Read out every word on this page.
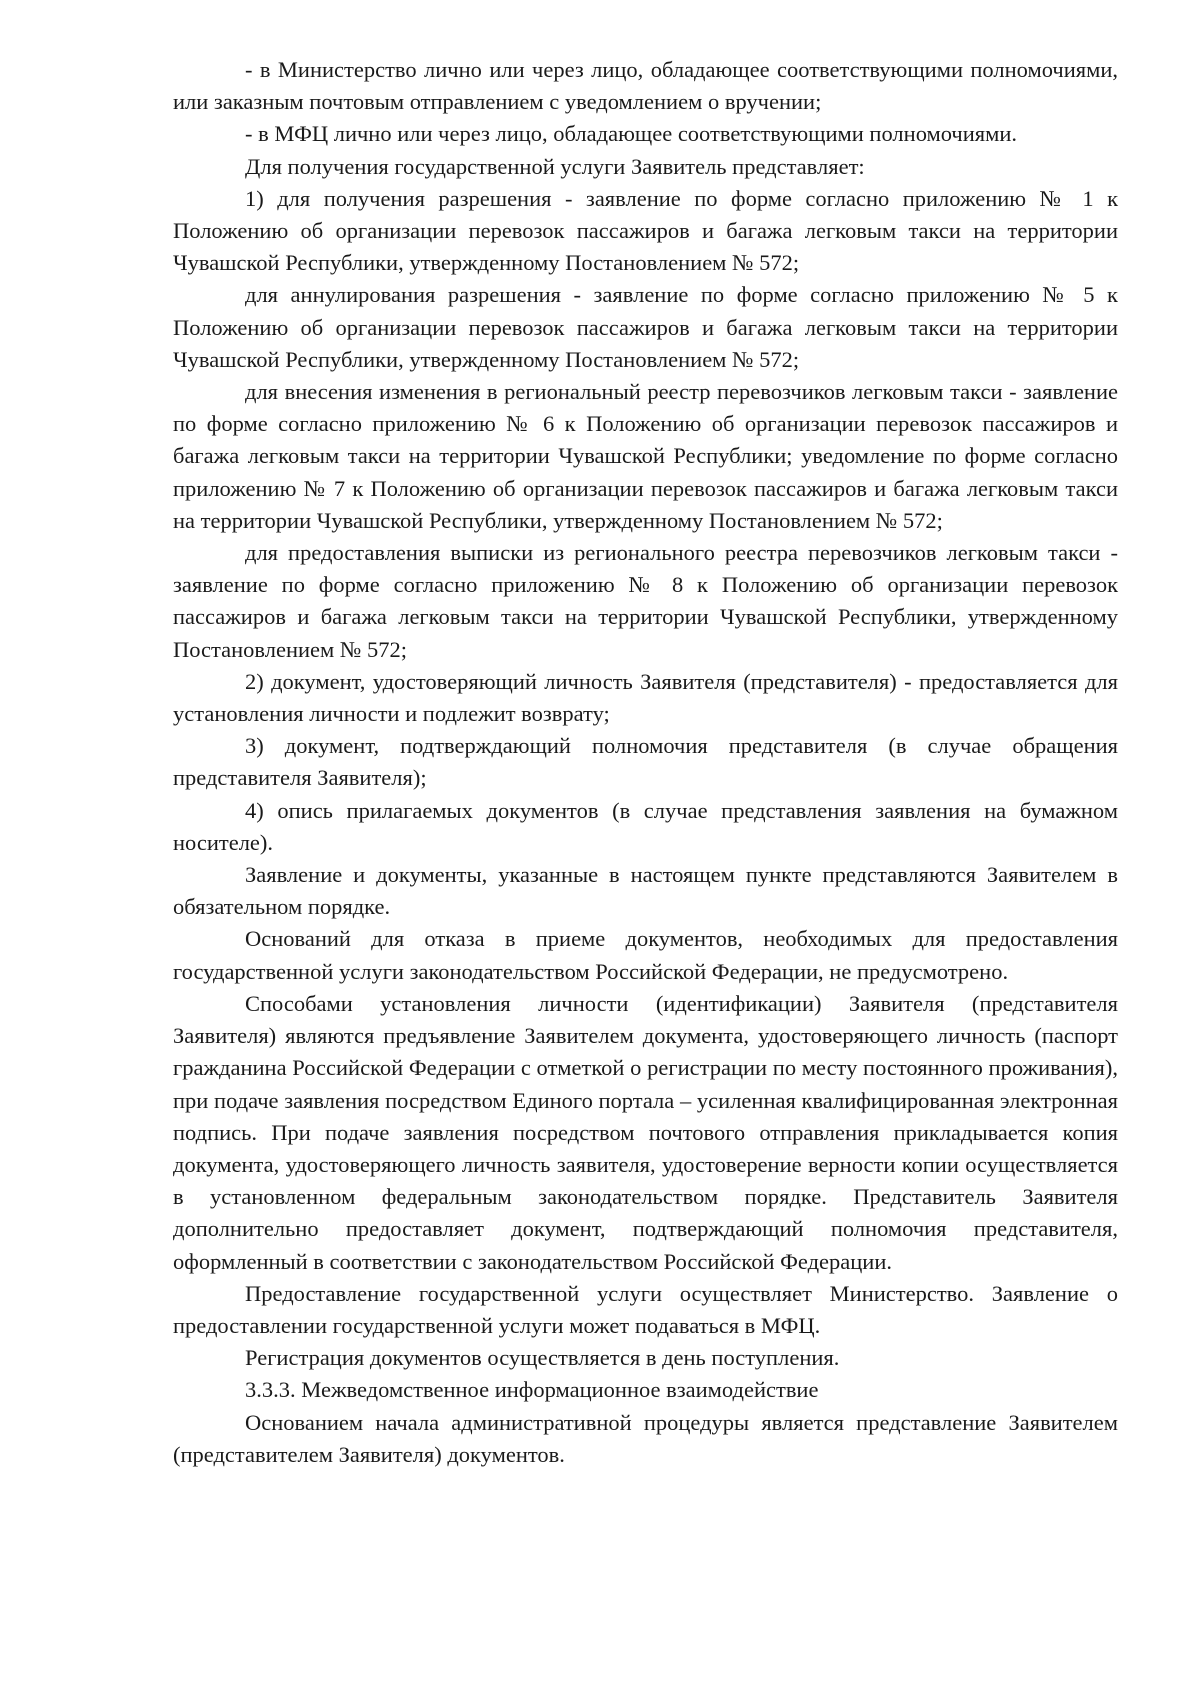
- в Министерство лично или через лицо, обладающее соответствующими полномочиями, или заказным почтовым отправлением с уведомлением о вручении;

- в МФЦ лично или через лицо, обладающее соответствующими полномочиями.

Для получения государственной услуги Заявитель представляет:

1) для получения разрешения - заявление по форме согласно приложению № 1 к Положению об организации перевозок пассажиров и багажа легковым такси на территории Чувашской Республики, утвержденному Постановлением № 572;

для аннулирования разрешения - заявление по форме согласно приложению № 5 к Положению об организации перевозок пассажиров и багажа легковым такси на территории Чувашской Республики, утвержденному Постановлением № 572;

для внесения изменения в региональный реестр перевозчиков легковым такси - заявление по форме согласно приложению № 6 к Положению об организации перевозок пассажиров и багажа легковым такси на территории Чувашской Республики; уведомление по форме согласно приложению № 7 к Положению об организации перевозок пассажиров и багажа легковым такси на территории Чувашской Республики, утвержденному Постановлением № 572;

для предоставления выписки из регионального реестра перевозчиков легковым такси - заявление по форме согласно приложению № 8 к Положению об организации перевозок пассажиров и багажа легковым такси на территории Чувашской Республики, утвержденному Постановлением № 572;

2) документ, удостоверяющий личность Заявителя (представителя) - предоставляется для установления личности и подлежит возврату;

3) документ, подтверждающий полномочия представителя (в случае обращения представителя Заявителя);

4) опись прилагаемых документов (в случае представления заявления на бумажном носителе).

Заявление и документы, указанные в настоящем пункте представляются Заявителем в обязательном порядке.

Оснований для отказа в приеме документов, необходимых для предоставления государственной услуги законодательством Российской Федерации, не предусмотрено.

Способами установления личности (идентификации) Заявителя (представителя Заявителя) являются предъявление Заявителем документа, удостоверяющего личность (паспорт гражданина Российской Федерации с отметкой о регистрации по месту постоянного проживания), при подаче заявления посредством Единого портала – усиленная квалифицированная электронная подпись. При подаче заявления посредством почтового отправления прикладывается копия документа, удостоверяющего личность заявителя, удостоверение верности копии осуществляется в установленном федеральным законодательством порядке. Представитель Заявителя дополнительно предоставляет документ, подтверждающий полномочия представителя, оформленный в соответствии с законодательством Российской Федерации.

Предоставление государственной услуги осуществляет Министерство. Заявление о предоставлении государственной услуги может подаваться в МФЦ.

Регистрация документов осуществляется в день поступления.

3.3.3. Межведомственное информационное взаимодействие

Основанием начала административной процедуры является представление Заявителем (представителем Заявителя) документов.
